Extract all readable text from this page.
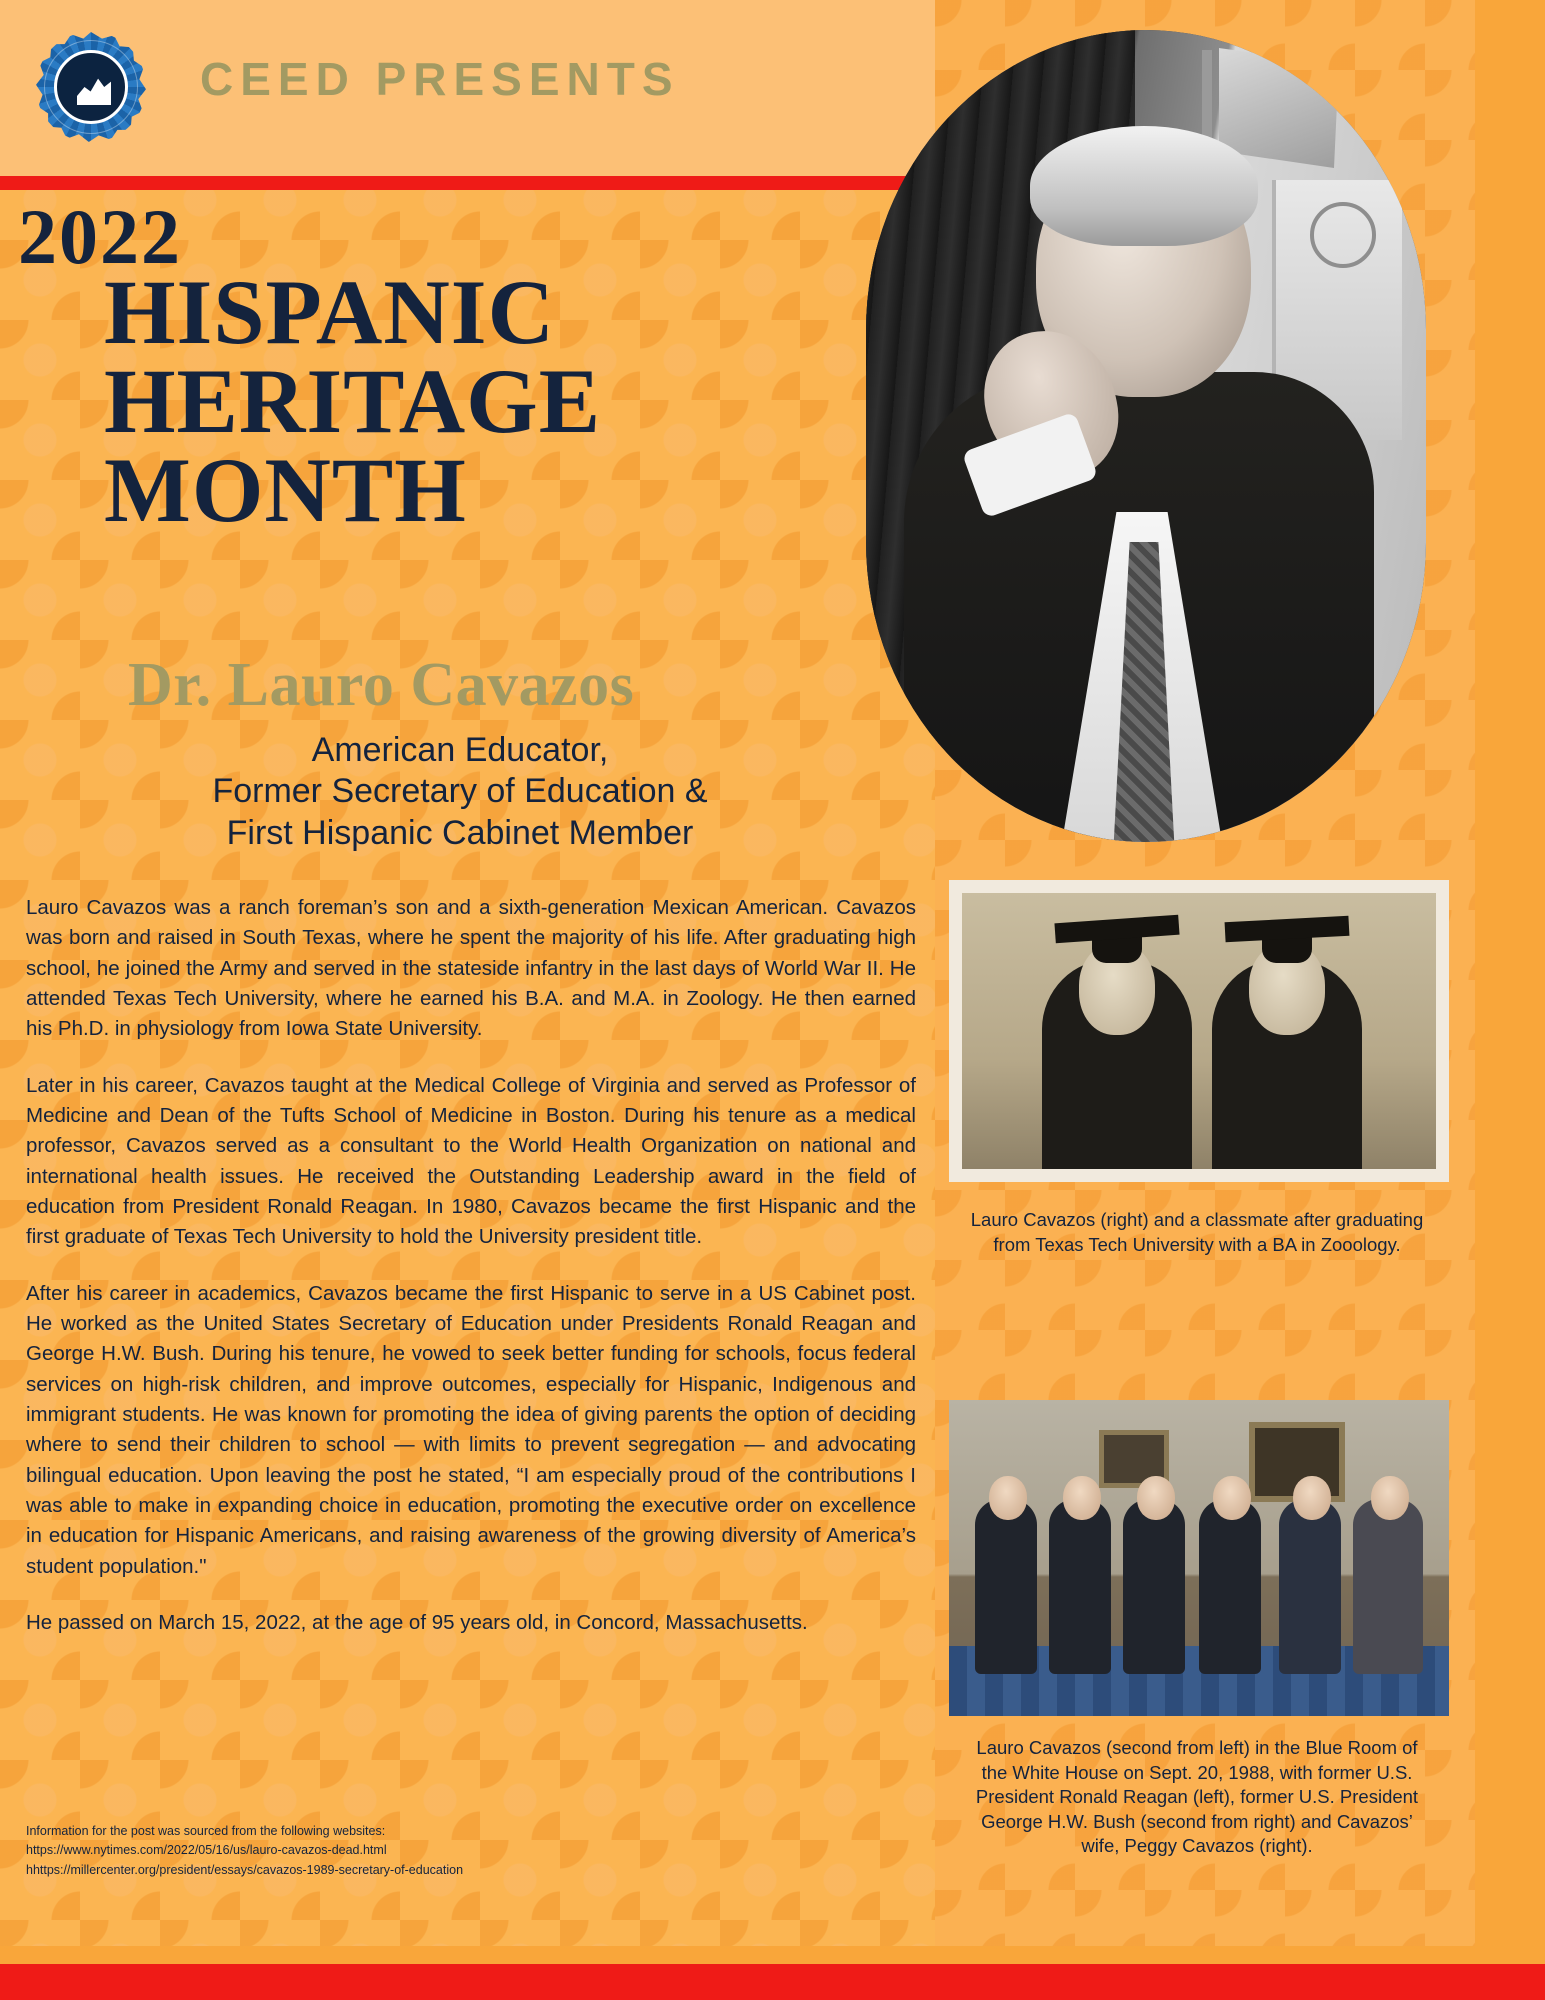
CEED PRESENTS
2022
HISPANIC
HERITAGE
MONTH
Dr. Lauro Cavazos
American Educator,
Former Secretary of Education &
First Hispanic Cabinet Member

Lauro Cavazos was a ranch foreman’s son and a sixth-generation Mexican American. Cavazos was born and raised in South Texas, where he spent the majority of his life. After graduating high school, he joined the Army and served in the stateside infantry in the last days of World War II. He attended Texas Tech University, where he earned his B.A. and M.A. in Zoology. He then earned his Ph.D. in physiology from Iowa State University.

Later in his career, Cavazos taught at the Medical College of Virginia and served as Professor of Medicine and Dean of the Tufts School of Medicine in Boston. During his tenure as a medical professor, Cavazos served as a consultant to the World Health Organization on national and international health issues. He received the Outstanding Leadership award in the field of education from President Ronald Reagan. In 1980, Cavazos became the first Hispanic and the first graduate of Texas Tech University to hold the University president title.

After his career in academics, Cavazos became the first Hispanic to serve in a US Cabinet post. He worked as the United States Secretary of Education under Presidents Ronald Reagan and George H.W. Bush. During his tenure, he vowed to seek better funding for schools, focus federal services on high-risk children, and improve outcomes, especially for Hispanic, Indigenous and immigrant students. He was known for promoting the idea of giving parents the option of deciding where to send their children to school — with limits to prevent segregation — and advocating bilingual education. Upon leaving the post he stated, “I am especially proud of the contributions I was able to make in expanding choice in education, promoting the executive order on excellence in education for Hispanic Americans, and raising awareness of the growing diversity of America’s student population."

He passed on March 15, 2022, at the age of 95 years old, in Concord, Massachusetts.

Information for the post was sourced from the following websites:
https://www.nytimes.com/2022/05/16/us/lauro-cavazos-dead.html
hhttps://millercenter.org/president/essays/cavazos-1989-secretary-of-education
Lauro Cavazos (right) and a classmate after graduating from Texas Tech University with a BA in Zooology.
Lauro Cavazos (second from left) in the Blue Room of the White House on Sept. 20, 1988, with former U.S. President Ronald Reagan (left), former U.S. President George H.W. Bush (second from right) and Cavazos’ wife, Peggy Cavazos (right).
